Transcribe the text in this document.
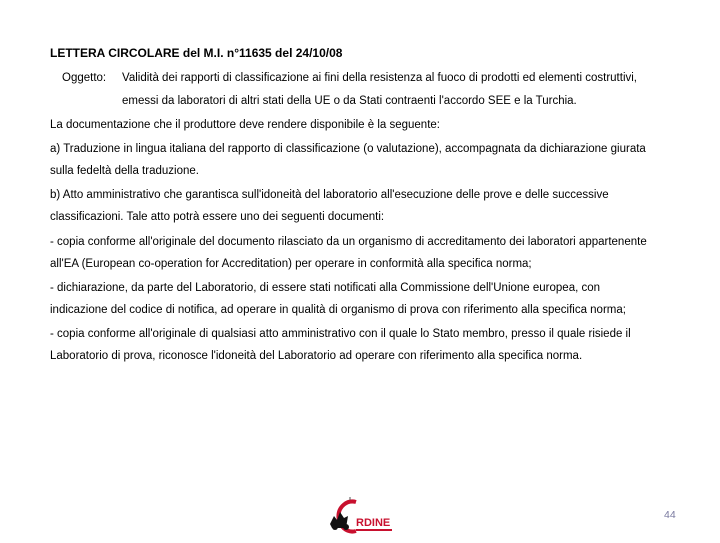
LETTERA CIRCOLARE del M.I. n°11635 del 24/10/08
Oggetto: Validità dei rapporti di classificazione ai fini della resistenza al fuoco di prodotti ed elementi costruttivi,
emessi da laboratori di altri stati della UE o da Stati contraenti l'accordo SEE e la Turchia.
La documentazione che il produttore deve rendere disponibile è la seguente:
a) Traduzione in lingua italiana del rapporto di classificazione (o valutazione), accompagnata da dichiarazione giurata
sulla fedeltà della traduzione.
b) Atto amministrativo che garantisca sull'idoneità del laboratorio all'esecuzione delle prove e delle successive
classificazioni. Tale atto potrà essere uno dei seguenti documenti:
- copia conforme all'originale del documento rilasciato da un organismo di accreditamento dei laboratori appartenente
all'EA (European co-operation for Accreditation) per operare in conformità alla specifica norma;
- dichiarazione, da parte del Laboratorio, di essere stati notificati alla Commissione dell'Unione europea, con
indicazione del codice di notifica, ad operare in qualità di organismo di prova con riferimento alla specifica norma;
- copia conforme all'originale di qualsiasi atto amministrativo con il quale lo Stato membro, presso il quale risiede il
Laboratorio di prova, riconosce l'idoneità del Laboratorio ad operare con riferimento alla specifica norma.
RDINE
44
